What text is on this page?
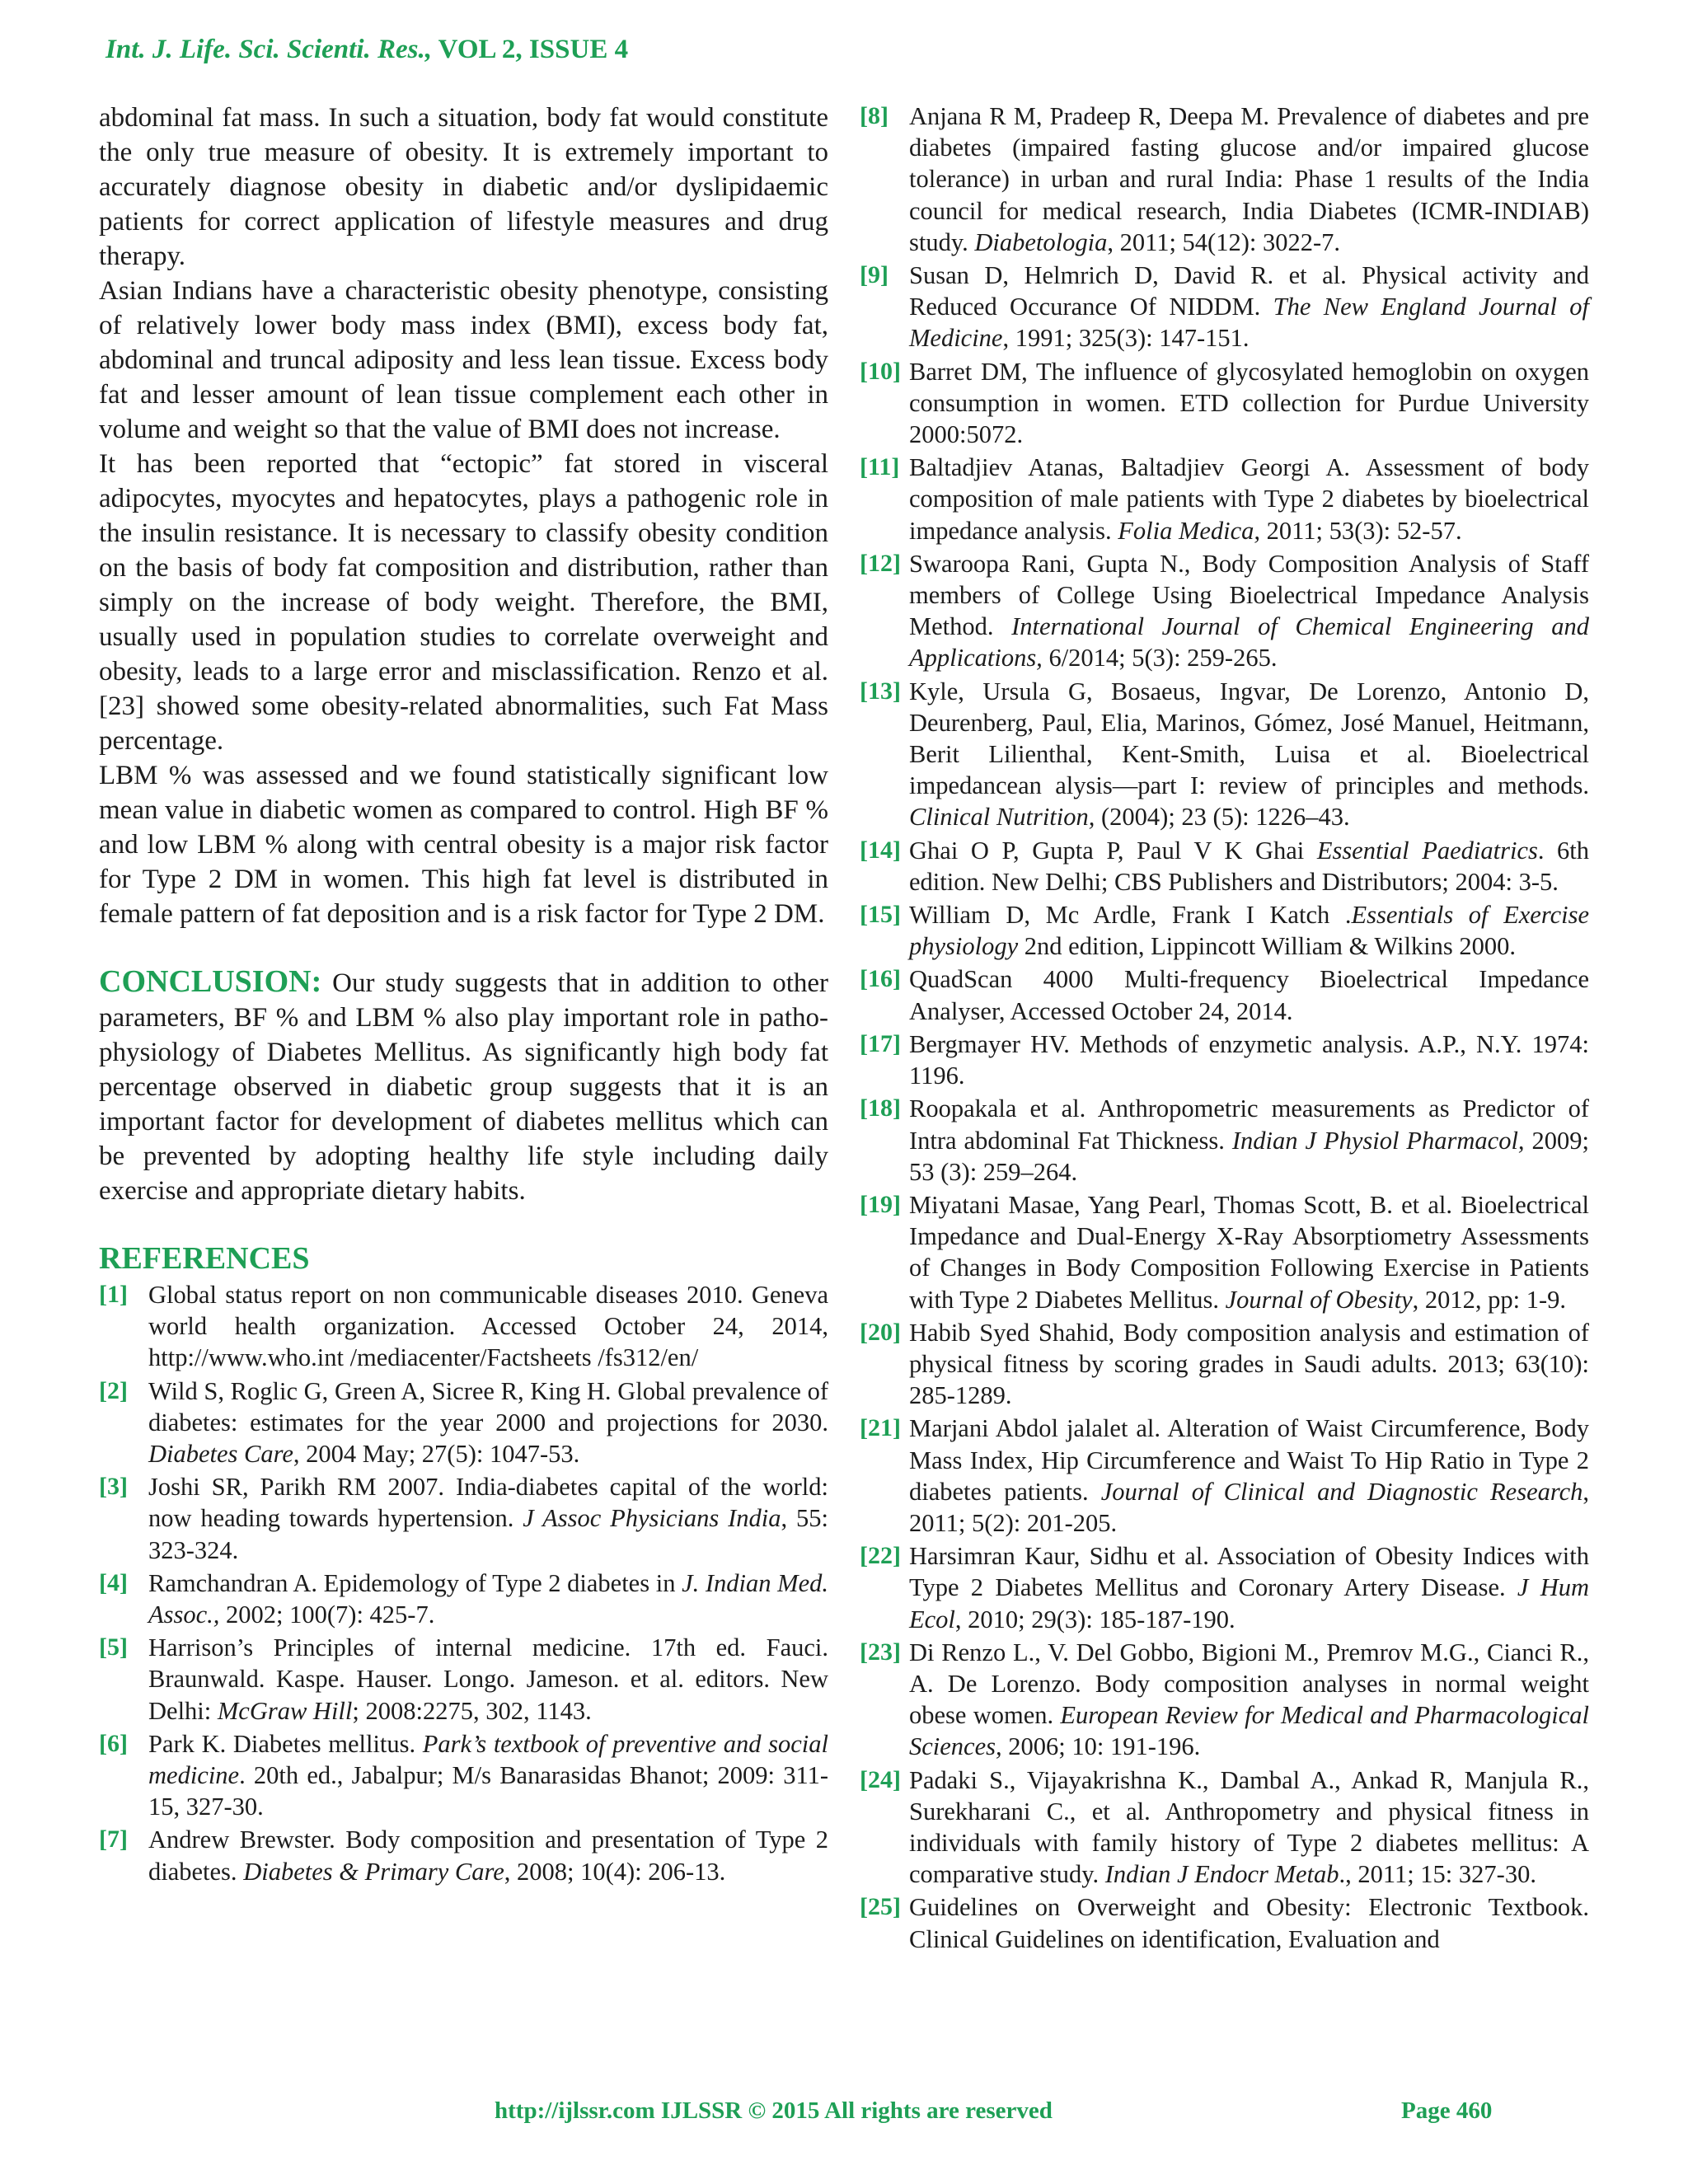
Int. J. Life. Sci. Scienti. Res., VOL 2, ISSUE 4

abdominal fat mass. In such a situation, body fat would constitute the only true measure of obesity. It is extremely important to accurately diagnose obesity in diabetic and/or dyslipidaemic patients for correct application of lifestyle measures and drug therapy.

Asian Indians have a characteristic obesity phenotype, consisting of relatively lower body mass index (BMI), excess body fat, abdominal and truncal adiposity and less lean tissue. Excess body fat and lesser amount of lean tissue complement each other in volume and weight so that the value of BMI does not increase.

It has been reported that “ectopic” fat stored in visceral adipocytes, myocytes and hepatocytes, plays a pathogenic role in the insulin resistance. It is necessary to classify obesity condition on the basis of body fat composition and distribution, rather than simply on the increase of body weight. Therefore, the BMI, usually used in population studies to correlate overweight and obesity, leads to a large error and misclassification. Renzo et al. [23] showed some obesity-related abnormalities, such Fat Mass percentage.

LBM % was assessed and we found statistically significant low mean value in diabetic women as compared to control. High BF % and low LBM % along with central obesity is a major risk factor for Type 2 DM in women. This high fat level is distributed in female pattern of fat deposition and is a risk factor for Type 2 DM.

CONCLUSION: Our study suggests that in addition to other parameters, BF % and LBM % also play important role in patho-physiology of Diabetes Mellitus. As significantly high body fat percentage observed in diabetic group suggests that it is an important factor for development of diabetes mellitus which can be prevented by adopting healthy life style including daily exercise and appropriate dietary habits.

REFERENCES
[1] Global status report on non communicable diseases 2010. Geneva world health organization. Accessed October 24, 2014, http://www.who.int /mediacenter/Factsheets /fs312/en/
[2] Wild S, Roglic G, Green A, Sicree R, King H. Global prevalence of diabetes: estimates for the year 2000 and projections for 2030. Diabetes Care, 2004 May; 27(5): 1047-53.
[3] Joshi SR, Parikh RM 2007. India-diabetes capital of the world: now heading towards hypertension. J Assoc Physicians India, 55: 323-324.
[4] Ramchandran A. Epidemology of Type 2 diabetes in J. Indian Med. Assoc., 2002; 100(7): 425-7.
[5] Harrison’s Principles of internal medicine. 17th ed. Fauci. Braunwald. Kaspe. Hauser. Longo. Jameson. et al. editors. New Delhi: McGraw Hill; 2008:2275, 302, 1143.
[6] Park K. Diabetes mellitus. Park’s textbook of preventive and social medicine. 20th ed., Jabalpur; M/s Banarasidas Bhanot; 2009: 311-15, 327-30.
[7] Andrew Brewster. Body composition and presentation of Type 2 diabetes. Diabetes & Primary Care, 2008; 10(4): 206-13.
[8] Anjana R M, Pradeep R, Deepa M. Prevalence of diabetes and pre diabetes (impaired fasting glucose and/or impaired glucose tolerance) in urban and rural India: Phase 1 results of the India council for medical research, India Diabetes (ICMR-INDIAB) study. Diabetologia, 2011; 54(12): 3022-7.
[9] Susan D, Helmrich D, David R. et al. Physical activity and Reduced Occurance Of NIDDM. The New England Journal of Medicine, 1991; 325(3): 147-151.
[10] Barret DM, The influence of glycosylated hemoglobin on oxygen consumption in women. ETD collection for Purdue University 2000:5072.
[11] Baltadjiev Atanas, Baltadjiev Georgi A. Assessment of body composition of male patients with Type 2 diabetes by bioelectrical impedance analysis. Folia Medica, 2011; 53(3): 52-57.
[12] Swaroopa Rani, Gupta N., Body Composition Analysis of Staff members of College Using Bioelectrical Impedance Analysis Method. International Journal of Chemical Engineering and Applications, 6/2014; 5(3): 259-265.
[13] Kyle, Ursula G, Bosaeus, Ingvar, De Lorenzo, Antonio D, Deurenberg, Paul, Elia, Marinos, Gómez, José Manuel, Heitmann, Berit Lilienthal, Kent-Smith, Luisa et al. Bioelectrical impedancean alysis—part I: review of principles and methods. Clinical Nutrition, (2004); 23 (5): 1226–43.
[14] Ghai O P, Gupta P, Paul V K Ghai Essential Paediatrics. 6th edition. New Delhi; CBS Publishers and Distributors; 2004: 3-5.
[15] William D, Mc Ardle, Frank I Katch .Essentials of Exercise physiology 2nd edition, Lippincott William & Wilkins 2000.
[16] QuadScan 4000 Multi-frequency Bioelectrical Impedance Analyser, Accessed October 24, 2014.
[17] Bergmayer HV. Methods of enzymetic analysis. A.P., N.Y. 1974: 1196.
[18] Roopakala et al. Anthropometric measurements as Predictor of Intra abdominal Fat Thickness. Indian J Physiol Pharmacol, 2009; 53 (3): 259–264.
[19] Miyatani Masae, Yang Pearl, Thomas Scott, B. et al. Bioelectrical Impedance and Dual-Energy X-Ray Absorptiometry Assessments of Changes in Body Composition Following Exercise in Patients with Type 2 Diabetes Mellitus. Journal of Obesity, 2012, pp: 1-9.
[20] Habib Syed Shahid, Body composition analysis and estimation of physical fitness by scoring grades in Saudi adults. 2013; 63(10): 285-1289.
[21] Marjani Abdol jalalet al. Alteration of Waist Circumference, Body Mass Index, Hip Circumference and Waist To Hip Ratio in Type 2 diabetes patients. Journal of Clinical and Diagnostic Research, 2011; 5(2): 201-205.
[22] Harsimran Kaur, Sidhu et al. Association of Obesity Indices with Type 2 Diabetes Mellitus and Coronary Artery Disease. J Hum Ecol, 2010; 29(3): 185-187-190.
[23] Di Renzo L., V. Del Gobbo, Bigioni M., Premrov M.G., Cianci R., A. De Lorenzo. Body composition analyses in normal weight obese women. European Review for Medical and Pharmacological Sciences, 2006; 10: 191-196.
[24] Padaki S., Vijayakrishna K., Dambal A., Ankad R, Manjula R., Surekharani C., et al. Anthropometry and physical fitness in individuals with family history of Type 2 diabetes mellitus: A comparative study. Indian J Endocr Metab., 2011; 15: 327-30.
[25] Guidelines on Overweight and Obesity: Electronic Textbook. Clinical Guidelines on identification, Evaluation and
http://ijlssr.com IJLSSR © 2015 All rights are reserved	Page 460
